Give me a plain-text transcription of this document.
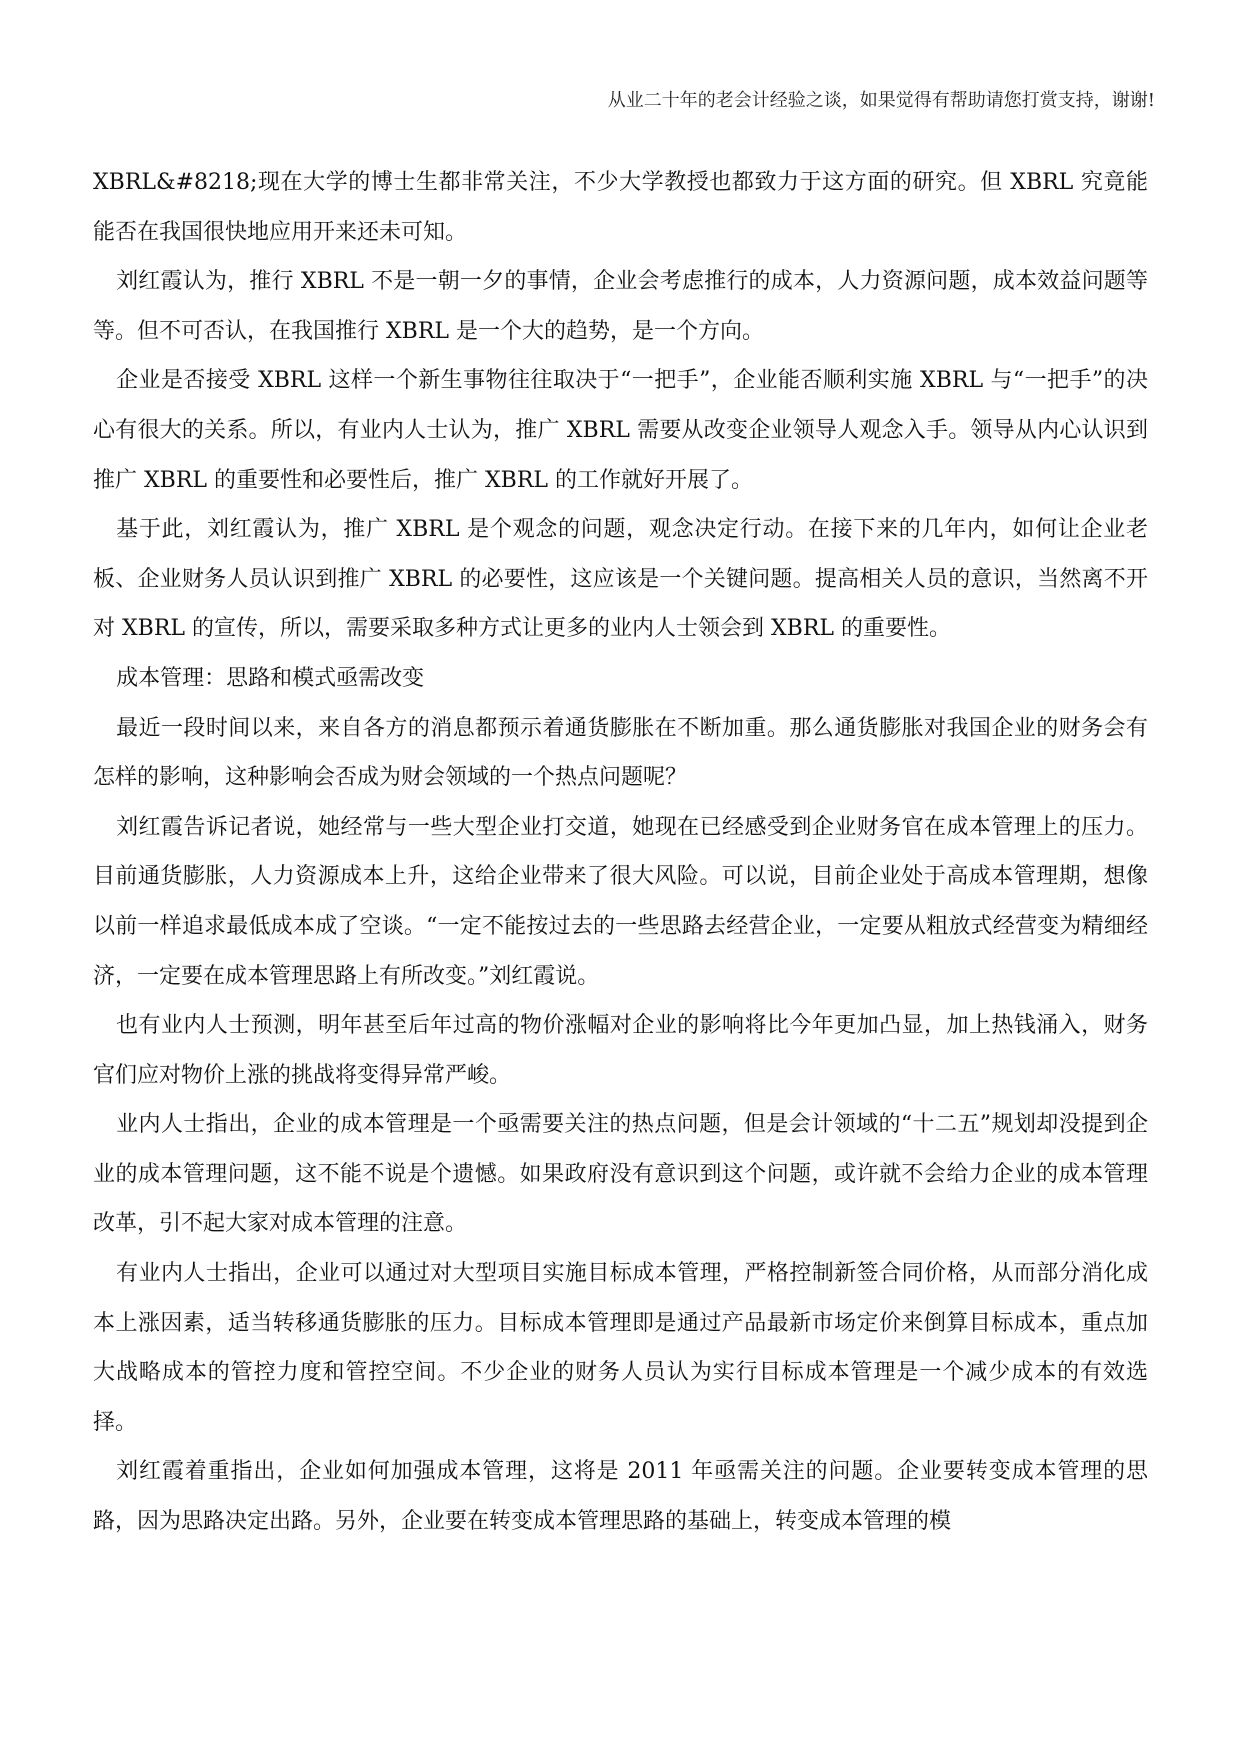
从业二十年的老会计经验之谈，如果觉得有帮助请您打赏支持，谢谢!

XBRL&#8218;现在大学的博士生都非常关注，不少大学教授也都致力于这方面的研究。但 XBRL 究竟能能否在我国很快地应用开来还未可知。

刘红霞认为，推行 XBRL 不是一朝一夕的事情，企业会考虑推行的成本，人力资源问题，成本效益问题等等。但不可否认，在我国推行 XBRL 是一个大的趋势，是一个方向。

企业是否接受 XBRL 这样一个新生事物往往取决于“一把手”，企业能否顺利实施 XBRL 与“一把手”的决心有很大的关系。所以，有业内人士认为，推广 XBRL 需要从改变企业领导人观念入手。领导从内心认识到推广 XBRL 的重要性和必要性后，推广 XBRL 的工作就好开展了。

基于此，刘红霞认为，推广 XBRL 是个观念的问题，观念决定行动。在接下来的几年内，如何让企业老板、企业财务人员认识到推广 XBRL 的必要性，这应该是一个关键问题。提高相关人员的意识，当然离不开对 XBRL 的宣传，所以，需要采取多种方式让更多的业内人士领会到 XBRL 的重要性。

成本管理：思路和模式亟需改变

最近一段时间以来，来自各方的消息都预示着通货膨胀在不断加重。那么通货膨胀对我国企业的财务会有怎样的影响，这种影响会否成为财会领域的一个热点问题呢？

刘红霞告诉记者说，她经常与一些大型企业打交道，她现在已经感受到企业财务官在成本管理上的压力。目前通货膨胀，人力资源成本上升，这给企业带来了很大风险。可以说，目前企业处于高成本管理期，想像以前一样追求最低成本成了空谈。“一定不能按过去的一些思路去经营企业，一定要从粗放式经营变为精细经济，一定要在成本管理思路上有所改变。”刘红霞说。

也有业内人士预测，明年甚至后年过高的物价涨幅对企业的影响将比今年更加凸显，加上热钱涌入，财务官们应对物价上涨的挑战将变得异常严峻。

业内人士指出，企业的成本管理是一个亟需要关注的热点问题，但是会计领域的“十二五”规划却没提到企业的成本管理问题，这不能不说是个遗憾。如果政府没有意识到这个问题，或许就不会给力企业的成本管理改革，引不起大家对成本管理的注意。

有业内人士指出，企业可以通过对大型项目实施目标成本管理，严格控制新签合同价格，从而部分消化成本上涨因素，适当转移通货膨胀的压力。目标成本管理即是通过产品最新市场定价来倒算目标成本，重点加大战略成本的管控力度和管控空间。不少企业的财务人员认为实行目标成本管理是一个减少成本的有效选择。

刘红霞着重指出，企业如何加强成本管理，这将是 2011 年亟需关注的问题。企业要转变成本管理的思路，因为思路决定出路。另外，企业要在转变成本管理思路的基础上，转变成本管理的模
